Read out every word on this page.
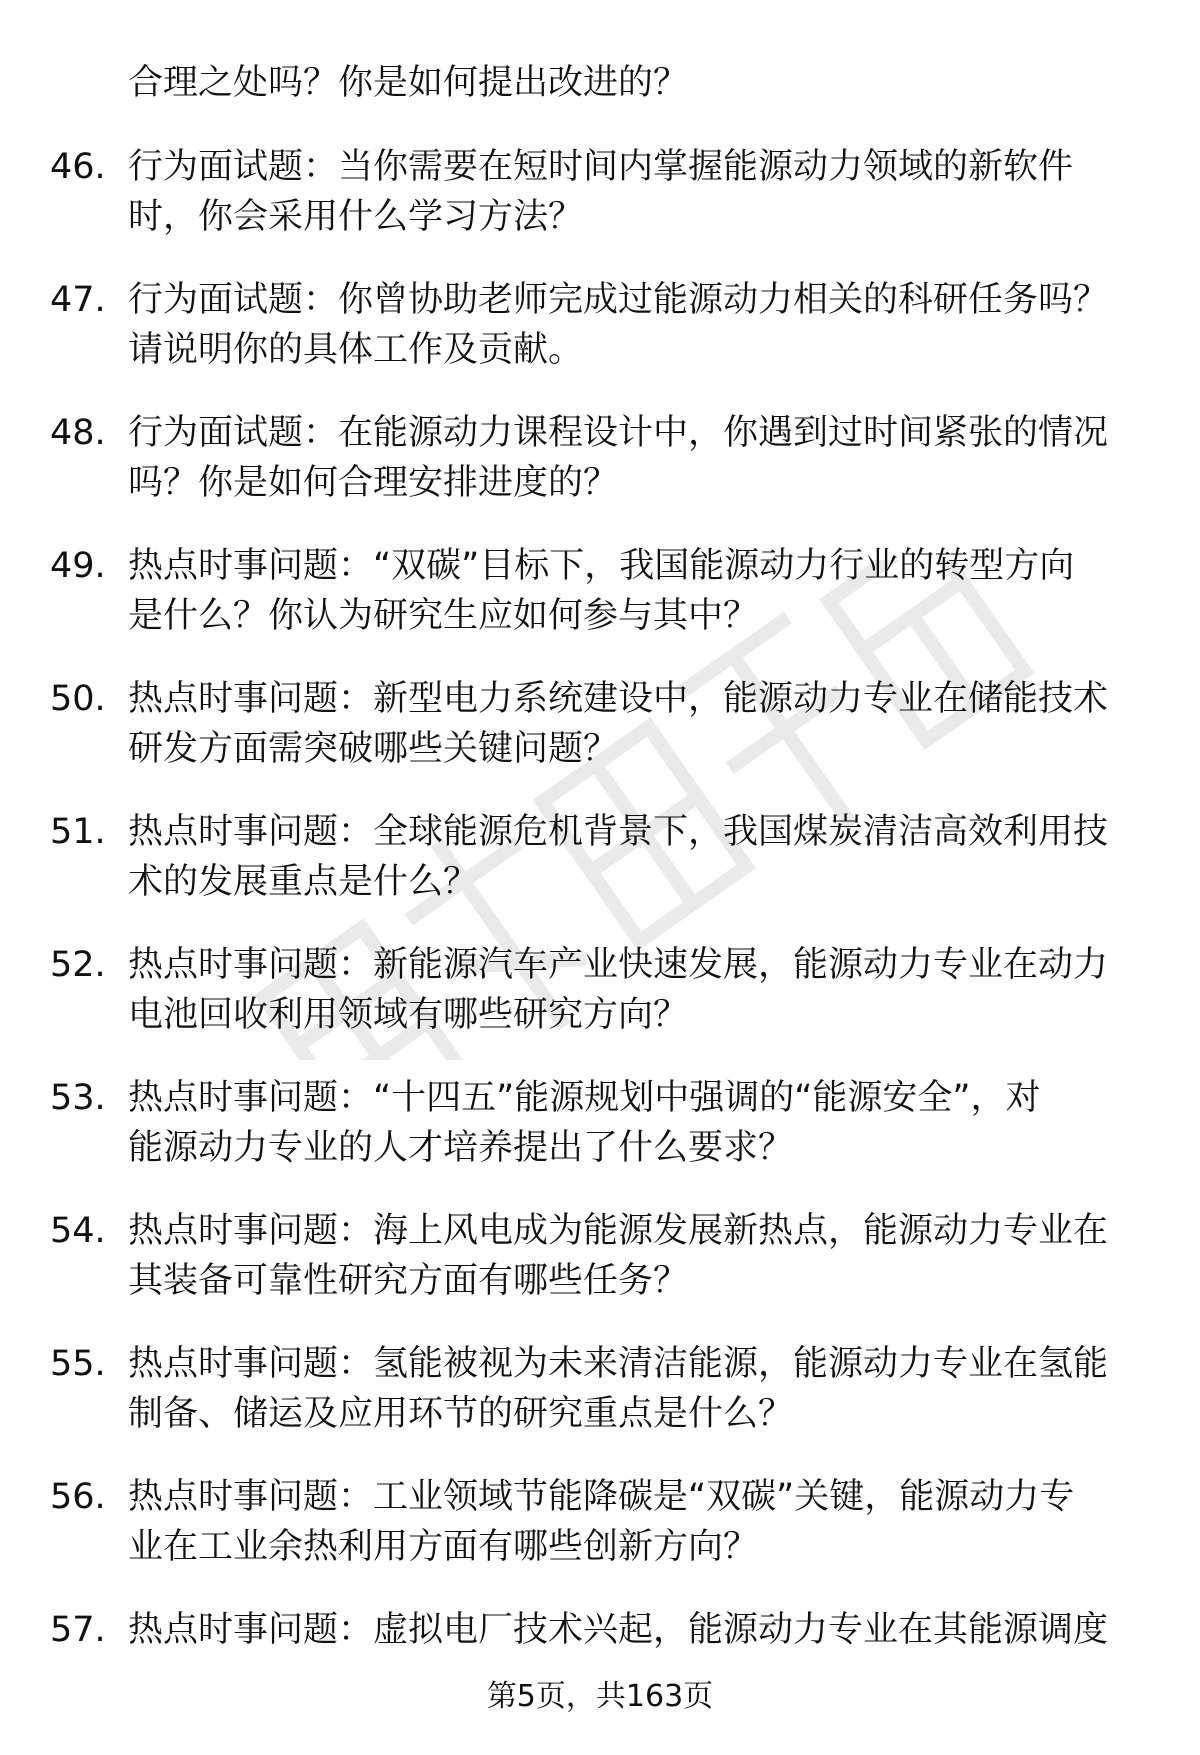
合理之处吗？你是如何提出改进的？
46. 行为面试题：当你需要在短时间内掌握能源动力领域的新软件
时，你会采用什么学习方法？
47. 行为面试题：你曾协助老师完成过能源动力相关的科研任务吗？
请说明你的具体工作及贡献。
48. 行为面试题：在能源动力课程设计中，你遇到过时间紧张的情况
吗？你是如何合理安排进度的？
49. 热点时事问题：“双碳”目标下，我国能源动力行业的转型方向
是什么？你认为研究生应如何参与其中？
50. 热点时事问题：新型电力系统建设中，能源动力专业在储能技术
研发方面需突破哪些关键问题？
51. 热点时事问题：全球能源危机背景下，我国煤炭清洁高效利用技
术的发展重点是什么？
52. 热点时事问题：新能源汽车产业快速发展，能源动力专业在动力
电池回收利用领域有哪些研究方向？
53. 热点时事问题：“十四五”能源规划中强调的“能源安全”，对
能源动力专业的人才培养提出了什么要求？
54. 热点时事问题：海上风电成为能源发展新热点，能源动力专业在
其装备可靠性研究方面有哪些任务？
55. 热点时事问题：氢能被视为未来清洁能源，能源动力专业在氢能
制备、储运及应用环节的研究重点是什么？
56. 热点时事问题：工业领域节能降碳是“双碳”关键，能源动力专
业在工业余热利用方面有哪些创新方向？
57. 热点时事问题：虚拟电厂技术兴起，能源动力专业在其能源调度
第5页，共163页
